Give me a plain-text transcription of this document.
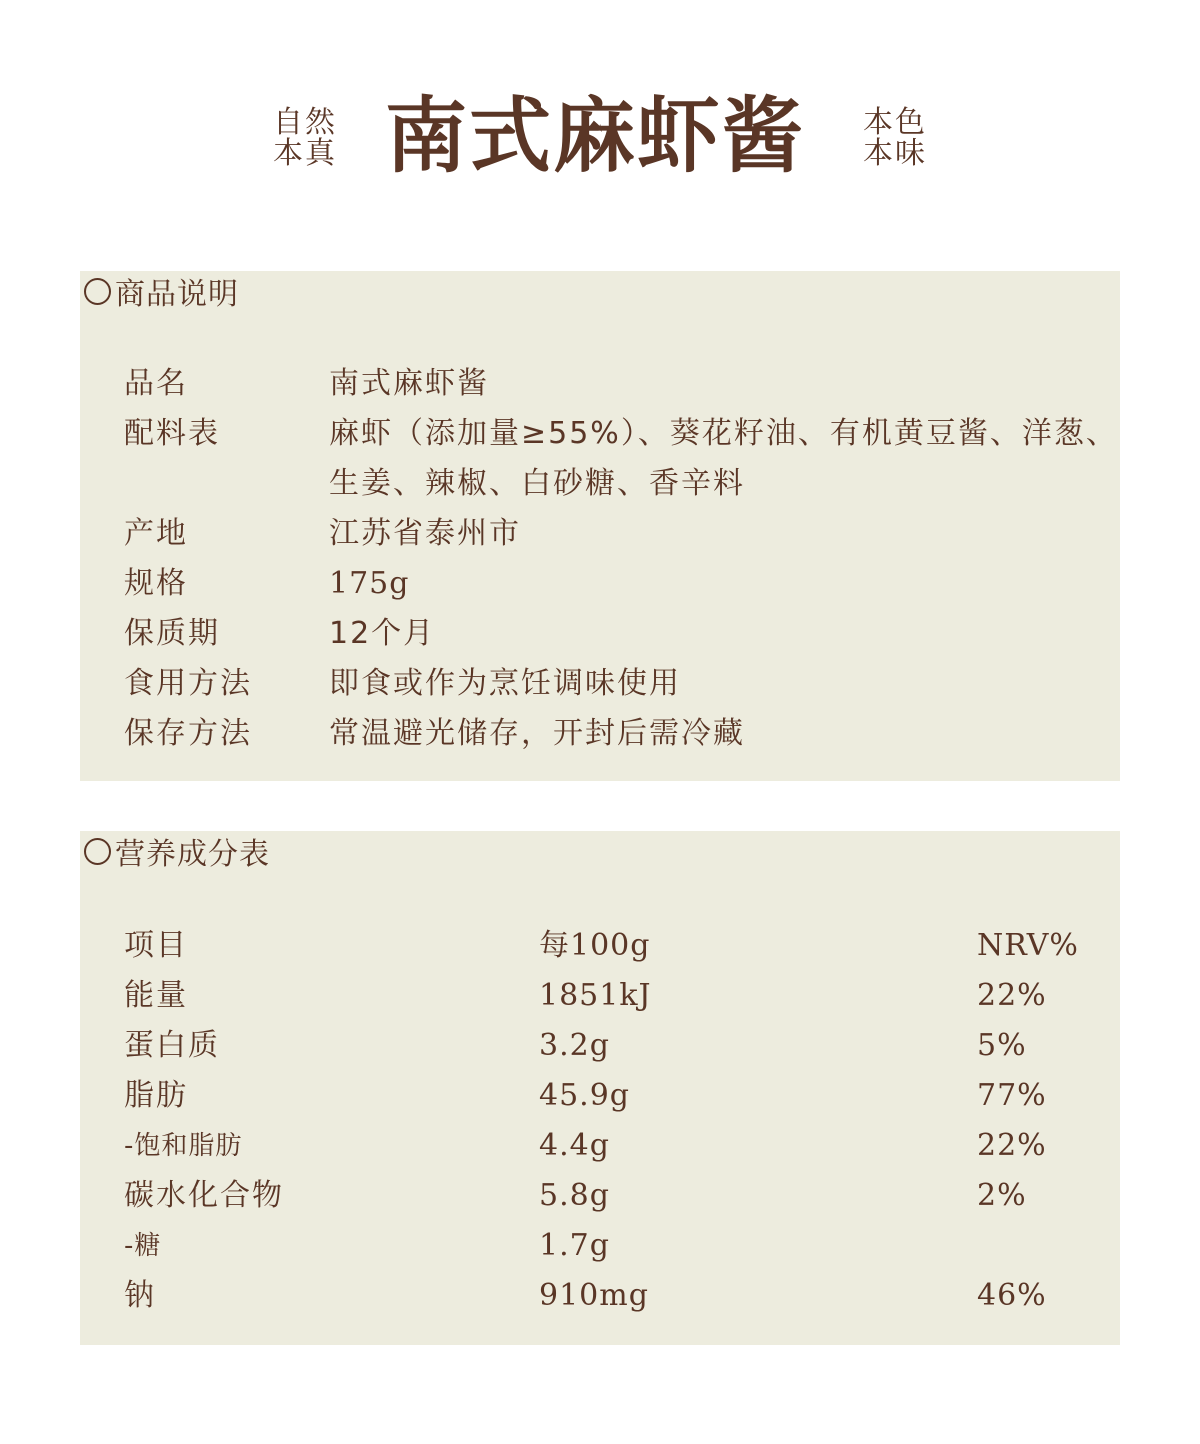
自然
本真 南式麻虾酱	本色
本味
商品说明
品名	南式麻虾酱
配料表	麻虾（添加量≥55%）、葵花籽油、有机黄豆酱、洋葱、生姜、辣椒、白砂糖、香辛料
产地	江苏省泰州市
规格	175g
保质期	12个月
食用方法	即食或作为烹饪调味使用
保存方法	常温避光储存，开封后需冷藏
营养成分表
项目	每100g	NRV%
能量	1851kJ	22%
蛋白质	3.2g	5%
脂肪	45.9g	77%
-饱和脂肪	4.4g	22%
碳水化合物	5.8g	2%
-糖	1.7g
钠	910mg	46%
